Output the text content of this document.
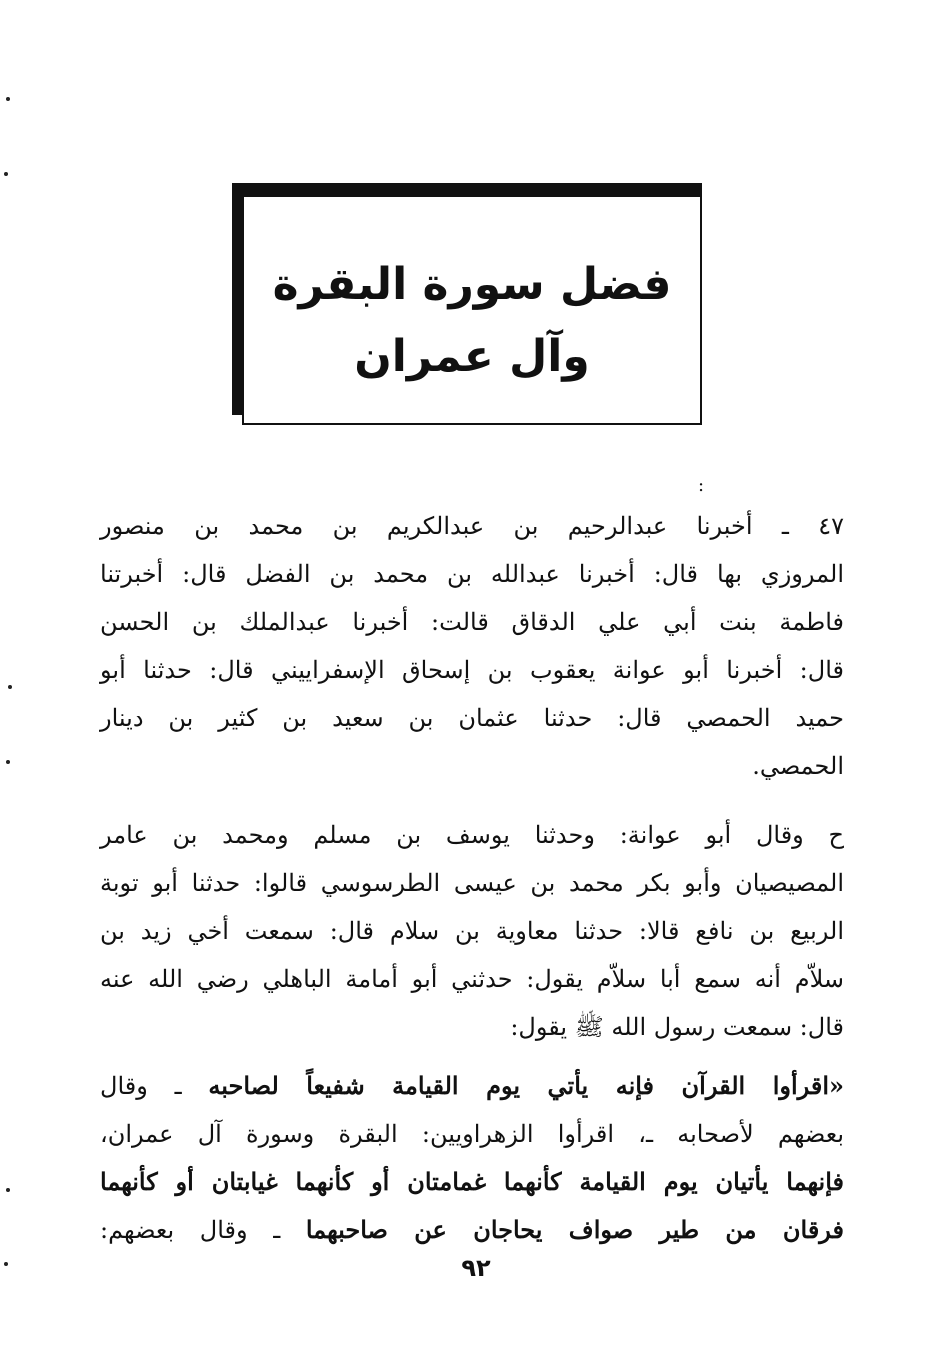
فضل سورة البقرة
وآل عمران
:
٤٧ ـ أخبرنا عبدالرحيم بن عبدالكريم بن محمد بن منصور
المروزي بها قال: أخبرنا عبدالله بن محمد بن الفضل قال: أخبرتنا
فاطمة بنت أبي علي الدقاق قالت: أخبرنا عبدالملك بن الحسن
قال: أخبرنا أبو عوانة يعقوب بن إسحاق الإسفراييني قال: حدثنا أبو
حميد الحمصي قال: حدثنا عثمان بن سعيد بن كثير بن دينار
الحمصي.
ح وقال أبو عوانة: وحدثنا يوسف بن مسلم ومحمد بن عامر
المصيصيان وأبو بكر محمد بن عيسى الطرسوسي قالوا: حدثنا أبو توبة
الربيع بن نافع قالا: حدثنا معاوية بن سلام قال: سمعت أخي زيد بن
سلاّم أنه سمع أبا سلاّم يقول: حدثني أبو أمامة الباهلي رضي الله عنه
قال: سمعت رسول الله ﷺ يقول:
«اقرأوا القرآن فإنه يأتي يوم القيامة شفيعاً لصاحبه ـ وقال
بعضهم لأصحابه ـ، اقرأوا الزهراويين: البقرة وسورة آل عمران،
فإنهما يأتيان يوم القيامة كأنهما غمامتان أو كأنهما غيابتان أو كأنهما
فرقان من طير صواف يحاجان عن صاحبهما ـ وقال بعضهم:
٩٢
